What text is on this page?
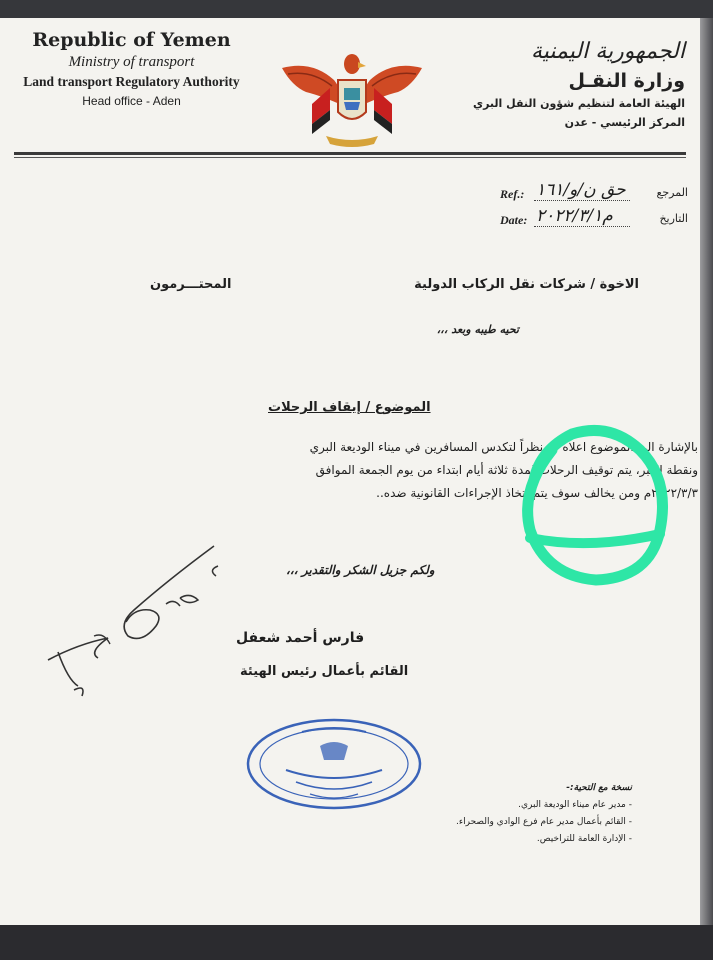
Republic of Yemen
Ministry of transport
Land transport Regulatory Authority
Head office - Aden
الجمهورية اليمنية
وزارة النقـل
الهيئة العامة لتنظيم شؤون النقل البري
المركز الرئيسي - عدن
Ref.: حق ن/و/۱٦۱	المرجع
Date: ۲۰۲۲/۳/۱م	التاريخ
الاخوة / شركات نقل الركاب الدولية
المحتـــرمون
تحيه طيبه وبعد ،،،
الموضوع / إيقاف الرحلات
بالإشارة الى الموضوع اعلاه ،،، نظراً لتكدس المسافرين في ميناء الوديعة البري
ونقطة العبر، يتم توقيف الرحلات لمدة ثلاثة أيام ابتداء من يوم الجمعة الموافق
۲۰۲۲/۳/۳م ومن يخالف سوف يتم اتخاذ الإجراءات القانونية ضده..
ولكم جزيل الشكر والتقدير ،،،
فارس أحمد شعفل
القائم بأعمال رئيس الهيئة
نسخة مع التحية:-
- مدير عام ميناء الوديعة البري.
- القائم بأعمال مدير عام فرع الوادي والصحراء.
- الإدارة العامة للتراخيص.
